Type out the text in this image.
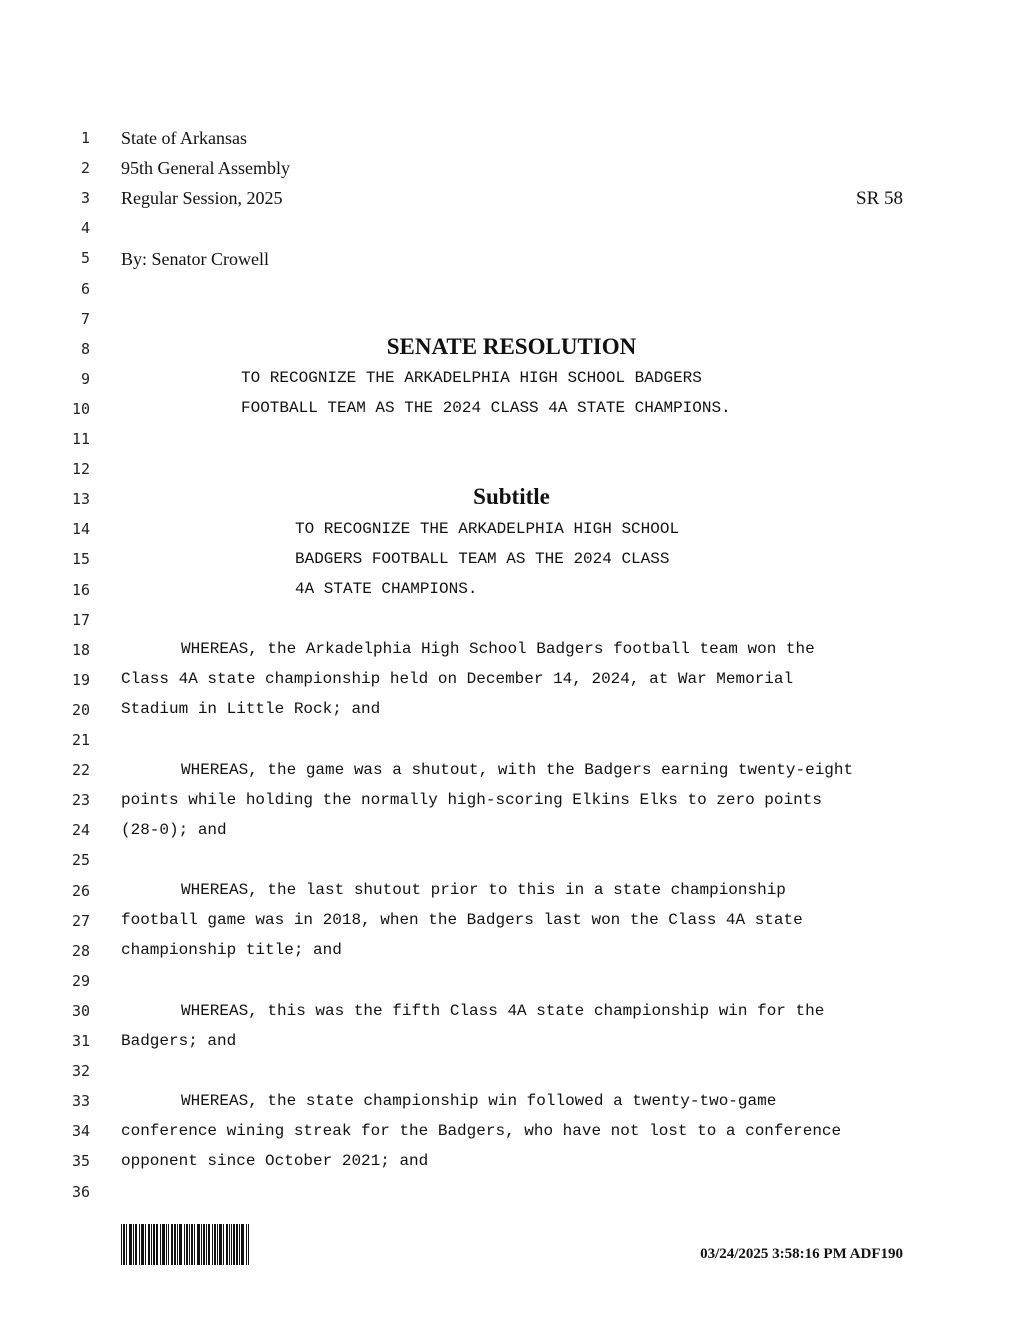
1
2
3
4
5
6
7
8
9
10
11
12
13
14
15
16
17
18
19
20
21
22
23
24
25
26
27
28
29
30
31
32
33
34
35
36
State of Arkansas
95th General Assembly
Regular Session, 2025	SR 58
By: Senator Crowell
SENATE RESOLUTION
TO RECOGNIZE THE ARKADELPHIA HIGH SCHOOL BADGERS
FOOTBALL TEAM AS THE 2024 CLASS 4A STATE CHAMPIONS.
Subtitle
TO RECOGNIZE THE ARKADELPHIA HIGH SCHOOL
BADGERS FOOTBALL TEAM AS THE 2024 CLASS
4A STATE CHAMPIONS.
WHEREAS, the Arkadelphia High School Badgers football team won the
Class 4A state championship held on December 14, 2024, at War Memorial
Stadium in Little Rock; and
WHEREAS, the game was a shutout, with the Badgers earning twenty-eight
points while holding the normally high-scoring Elkins Elks to zero points
(28-0); and
WHEREAS, the last shutout prior to this in a state championship
football game was in 2018, when the Badgers last won the Class 4A state
championship title; and
WHEREAS, this was the fifth Class 4A state championship win for the
Badgers; and
WHEREAS, the state championship win followed a twenty-two-game
conference wining streak for the Badgers, who have not lost to a conference
opponent since October 2021; and
03/24/2025 3:58:16 PM ADF190
